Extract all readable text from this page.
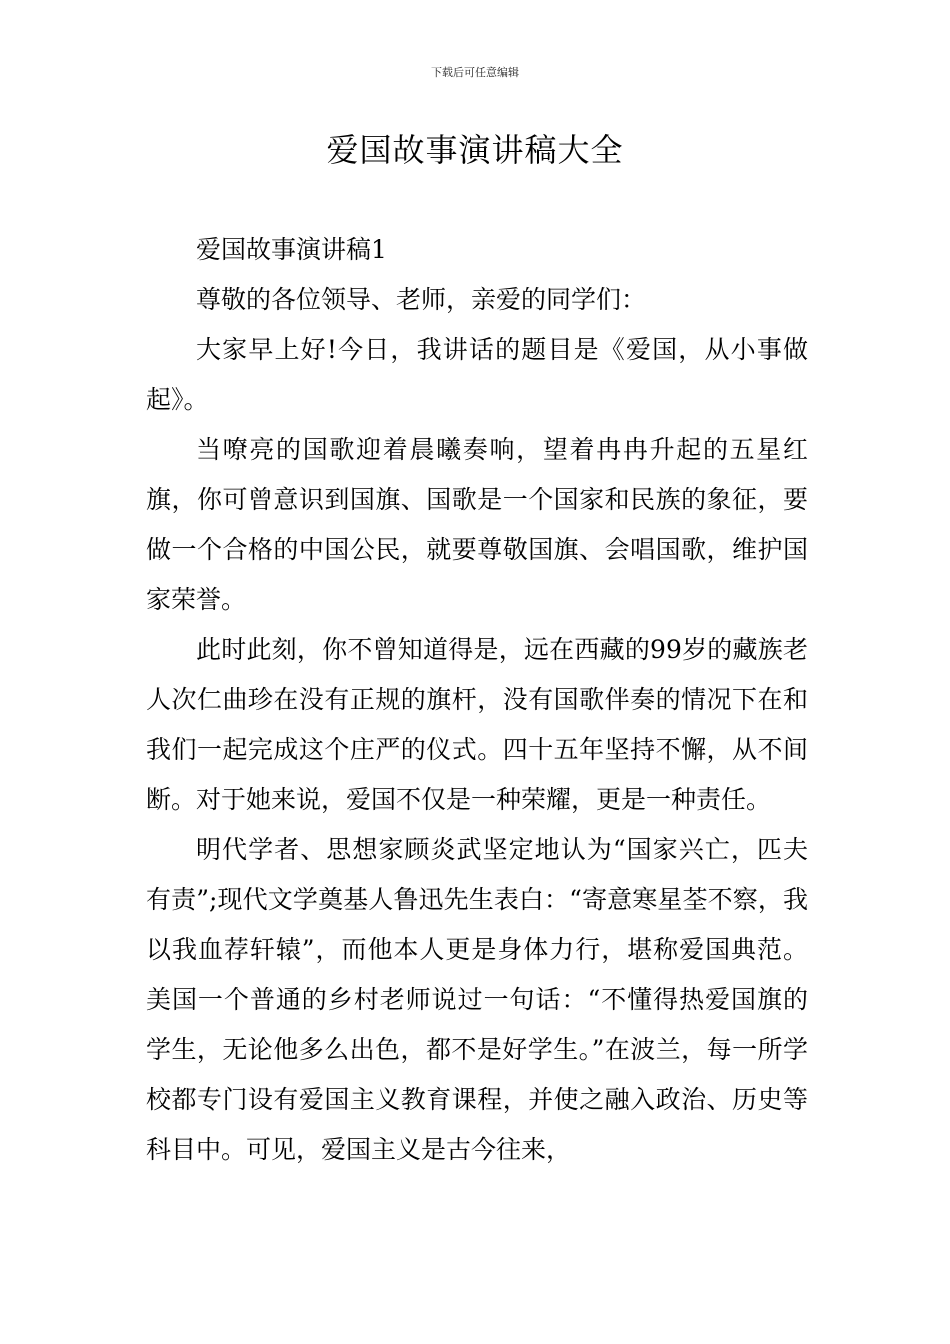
下载后可任意编辑
爱国故事演讲稿大全

爱国故事演讲稿1

尊敬的各位领导、老师，亲爱的同学们：

大家早上好!今日，我讲话的题目是《爱国，从小事做起》。

当嘹亮的国歌迎着晨曦奏响，望着冉冉升起的五星红旗，你可曾意识到国旗、国歌是一个国家和民族的象征，要做一个合格的中国公民，就要尊敬国旗、会唱国歌，维护国家荣誉。

此时此刻，你不曾知道得是，远在西藏的99岁的藏族老人次仁曲珍在没有正规的旗杆，没有国歌伴奏的情况下在和我们一起完成这个庄严的仪式。四十五年坚持不懈，从不间断。对于她来说，爱国不仅是一种荣耀，更是一种责任。

明代学者、思想家顾炎武坚定地认为“国家兴亡，匹夫有责”;现代文学奠基人鲁迅先生表白：“寄意寒星荃不察，我以我血荐轩辕”，而他本人更是身体力行，堪称爱国典范。美国一个普通的乡村老师说过一句话：“不懂得热爱国旗的学生，无论他多么出色，都不是好学生。”在波兰，每一所学校都专门设有爱国主义教育课程，并使之融入政治、历史等科目中。可见，爱国主义是古今往来，
